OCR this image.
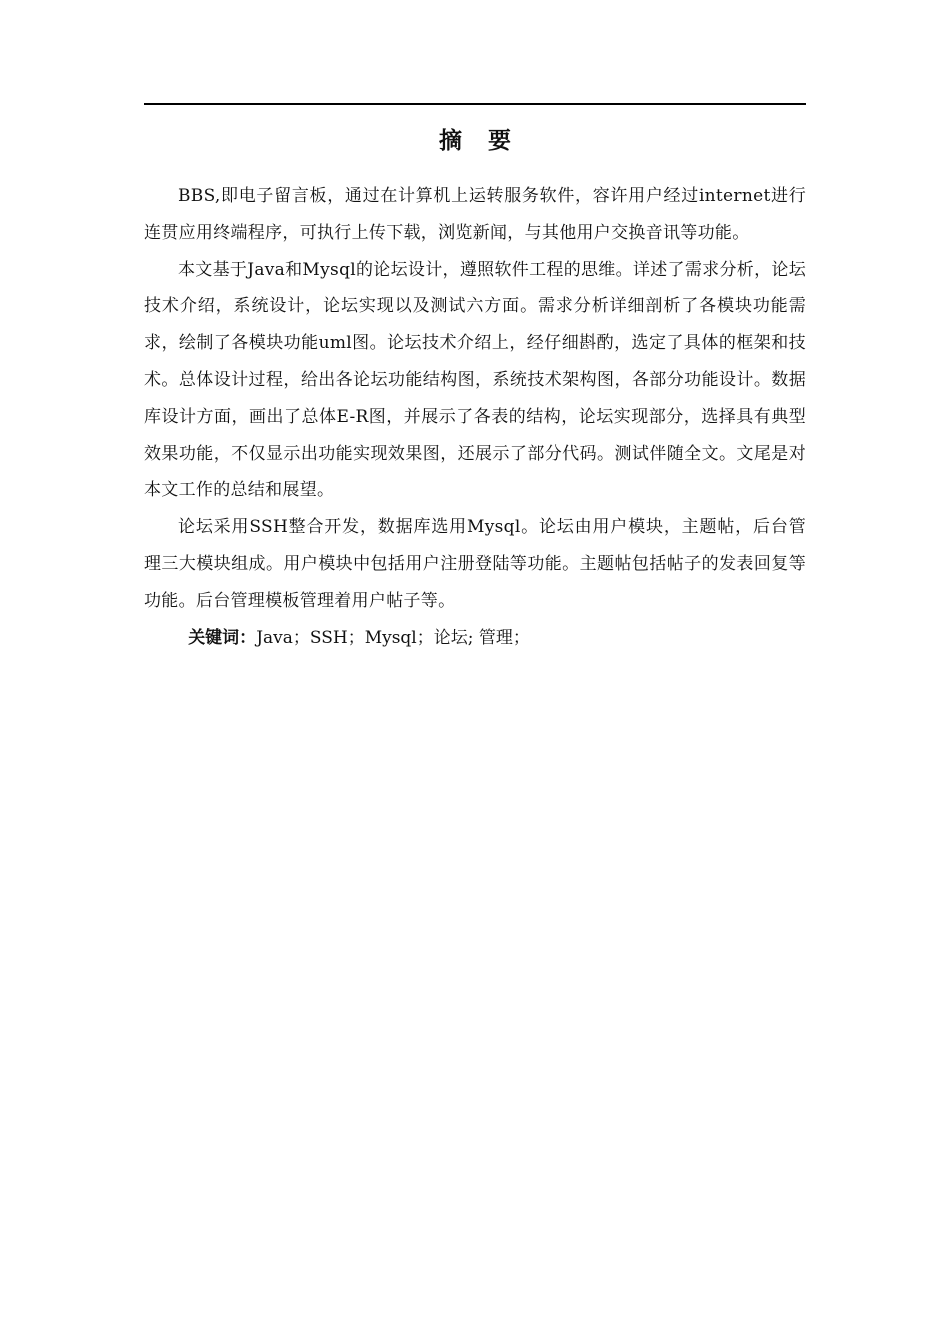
摘要

BBS,即电子留言板，通过在计算机上运转服务软件，容许用户经过internet进行连贯应用终端程序，可执行上传下载，浏览新闻，与其他用户交换音讯等功能。

本文基于Java和Mysql的论坛设计，遵照软件工程的思维。详述了需求分析，论坛技术介绍，系统设计，论坛实现以及测试六方面。需求分析详细剖析了各模块功能需求，绘制了各模块功能uml图。论坛技术介绍上，经仔细斟酌，选定了具体的框架和技术。总体设计过程，给出各论坛功能结构图，系统技术架构图，各部分功能设计。数据库设计方面，画出了总体E-R图，并展示了各表的结构，论坛实现部分，选择具有典型效果功能，不仅显示出功能实现效果图，还展示了部分代码。测试伴随全文。文尾是对本文工作的总结和展望。

论坛采用SSH整合开发，数据库选用Mysql。论坛由用户模块，主题帖，后台管理三大模块组成。用户模块中包括用户注册登陆等功能。主题帖包括帖子的发表回复等功能。后台管理模板管理着用户帖子等。

关键词：Java；SSH；Mysql；论坛; 管理；
